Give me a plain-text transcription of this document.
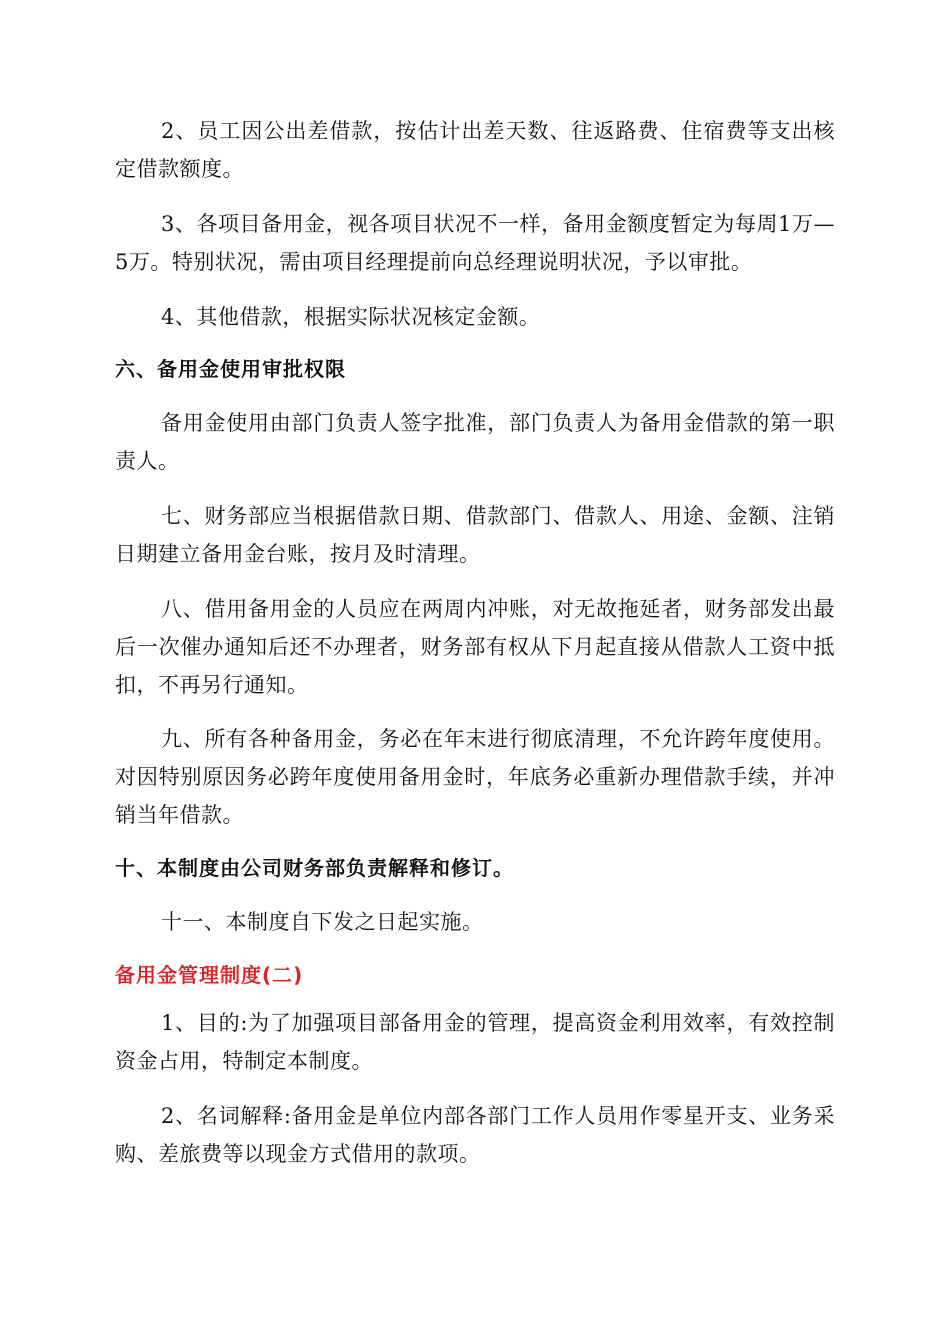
2、员工因公出差借款，按估计出差天数、往返路费、住宿费等支出核定借款额度。

3、各项目备用金，视各项目状况不一样，备用金额度暂定为每周1万—5万。特别状况，需由项目经理提前向总经理说明状况，予以审批。

4、其他借款，根据实际状况核定金额。

六、备用金使用审批权限

备用金使用由部门负责人签字批准，部门负责人为备用金借款的第一职责人。

七、财务部应当根据借款日期、借款部门、借款人、用途、金额、注销日期建立备用金台账，按月及时清理。

八、借用备用金的人员应在两周内冲账，对无故拖延者，财务部发出最后一次催办通知后还不办理者，财务部有权从下月起直接从借款人工资中抵扣，不再另行通知。

九、所有各种备用金，务必在年末进行彻底清理，不允许跨年度使用。对因特别原因务必跨年度使用备用金时，年底务必重新办理借款手续，并冲销当年借款。

十、本制度由公司财务部负责解释和修订。

十一、本制度自下发之日起实施。

备用金管理制度(二)

1、目的:为了加强项目部备用金的管理，提高资金利用效率，有效控制资金占用，特制定本制度。

2、名词解释:备用金是单位内部各部门工作人员用作零星开支、业务采购、差旅费等以现金方式借用的款项。
